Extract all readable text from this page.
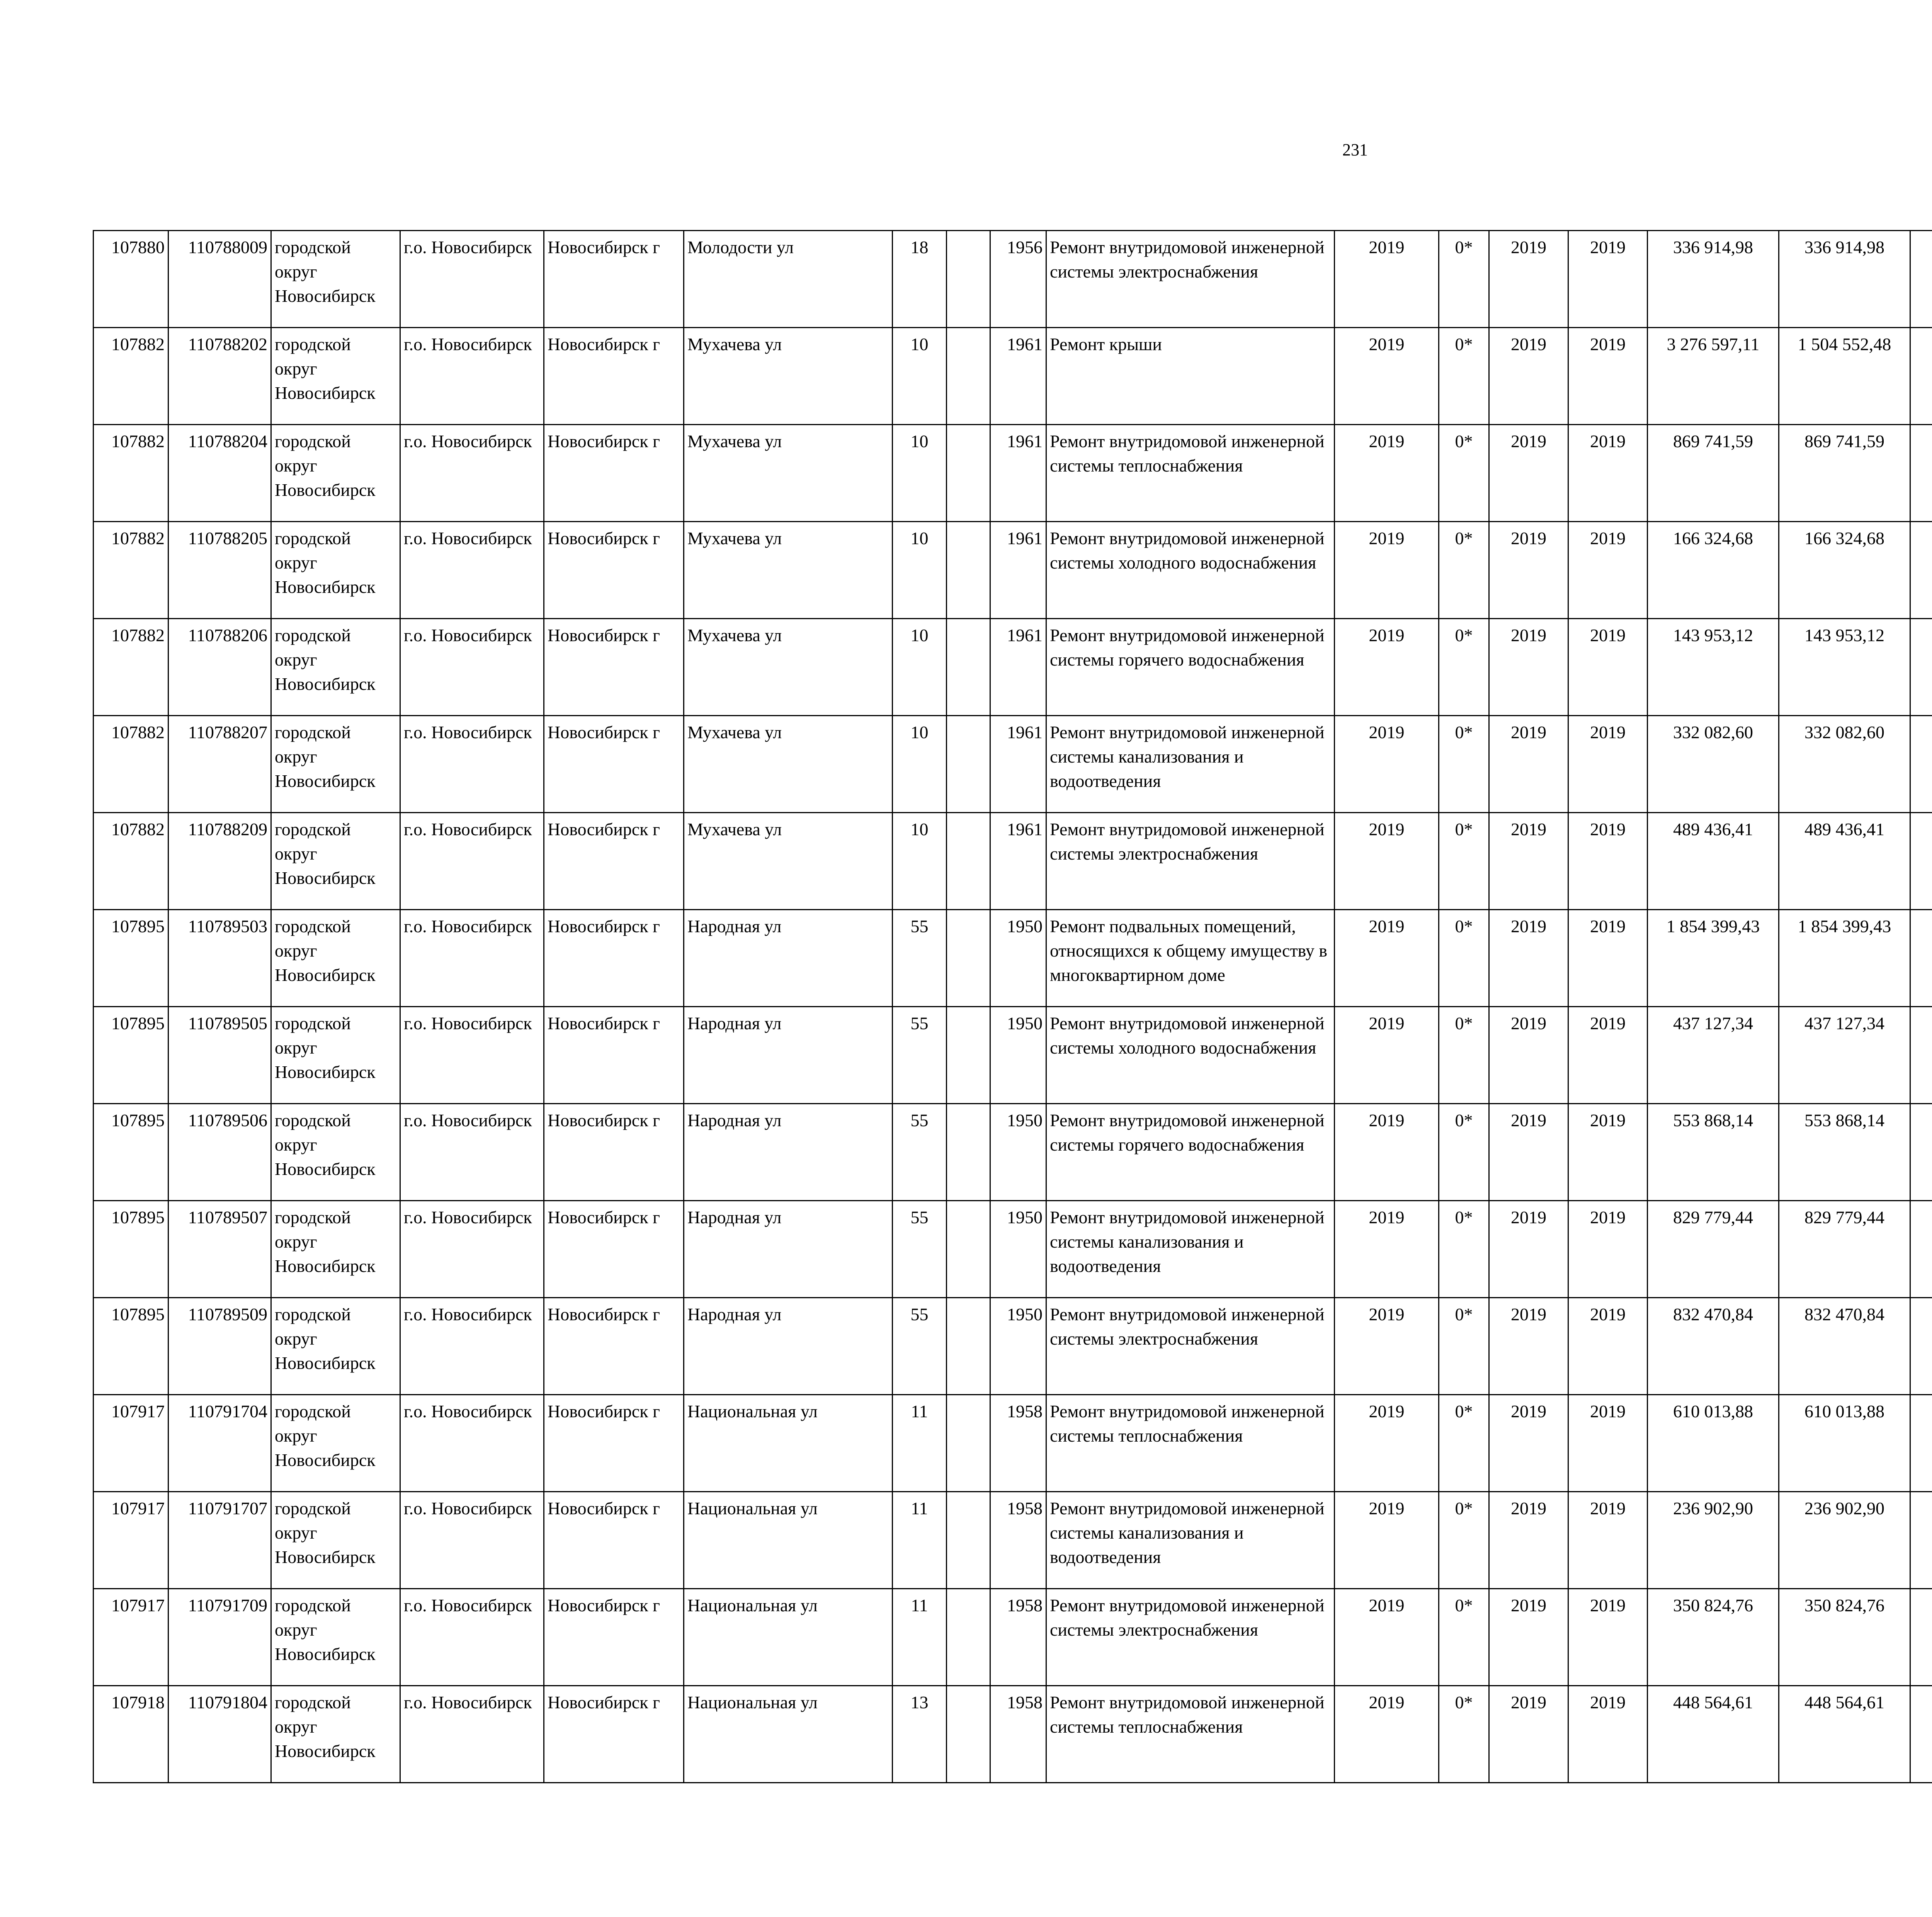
231
107880	110788009	городской округ Новосибирск	г.о. Новосибирск	Новосибирск г	Молодости ул	18		1956	Ремонт внутридомовой инженерной системы электроснабжения	2019	0*	2019	2019	336 914,98	336 914,98						
107882	110788202	городской округ Новосибирск	г.о. Новосибирск	Новосибирск г	Мухачева ул	10		1961	Ремонт крыши	2019	0*	2019	2019	3 276 597,11	1 504 552,48						
107882	110788204	городской округ Новосибирск	г.о. Новосибирск	Новосибирск г	Мухачева ул	10		1961	Ремонт внутридомовой инженерной системы теплоснабжения	2019	0*	2019	2019	869 741,59	869 741,59						
107882	110788205	городской округ Новосибирск	г.о. Новосибирск	Новосибирск г	Мухачева ул	10		1961	Ремонт внутридомовой инженерной системы холодного водоснабжения	2019	0*	2019	2019	166 324,68	166 324,68						
107882	110788206	городской округ Новосибирск	г.о. Новосибирск	Новосибирск г	Мухачева ул	10		1961	Ремонт внутридомовой инженерной системы горячего водоснабжения	2019	0*	2019	2019	143 953,12	143 953,12						
107882	110788207	городской округ Новосибирск	г.о. Новосибирск	Новосибирск г	Мухачева ул	10		1961	Ремонт внутридомовой инженерной системы канализования и водоотведения	2019	0*	2019	2019	332 082,60	332 082,60						
107882	110788209	городской округ Новосибирск	г.о. Новосибирск	Новосибирск г	Мухачева ул	10		1961	Ремонт внутридомовой инженерной системы электроснабжения	2019	0*	2019	2019	489 436,41	489 436,41						
107895	110789503	городской округ Новосибирск	г.о. Новосибирск	Новосибирск г	Народная ул	55		1950	Ремонт подвальных помещений, относящихся к общему имуществу в многоквартирном доме	2019	0*	2019	2019	1 854 399,43	1 854 399,43						
107895	110789505	городской округ Новосибирск	г.о. Новосибирск	Новосибирск г	Народная ул	55		1950	Ремонт внутридомовой инженерной системы холодного водоснабжения	2019	0*	2019	2019	437 127,34	437 127,34						
107895	110789506	городской округ Новосибирск	г.о. Новосибирск	Новосибирск г	Народная ул	55		1950	Ремонт внутридомовой инженерной системы горячего водоснабжения	2019	0*	2019	2019	553 868,14	553 868,14						
107895	110789507	городской округ Новосибирск	г.о. Новосибирск	Новосибирск г	Народная ул	55		1950	Ремонт внутридомовой инженерной системы канализования и водоотведения	2019	0*	2019	2019	829 779,44	829 779,44						
107895	110789509	городской округ Новосибирск	г.о. Новосибирск	Новосибирск г	Народная ул	55		1950	Ремонт внутридомовой инженерной системы электроснабжения	2019	0*	2019	2019	832 470,84	832 470,84						
107917	110791704	городской округ Новосибирск	г.о. Новосибирск	Новосибирск г	Национальная ул	11		1958	Ремонт внутридомовой инженерной системы теплоснабжения	2019	0*	2019	2019	610 013,88	610 013,88						
107917	110791707	городской округ Новосибирск	г.о. Новосибирск	Новосибирск г	Национальная ул	11		1958	Ремонт внутридомовой инженерной системы канализования и водоотведения	2019	0*	2019	2019	236 902,90	236 902,90						
107917	110791709	городской округ Новосибирск	г.о. Новосибирск	Новосибирск г	Национальная ул	11		1958	Ремонт внутридомовой инженерной системы электроснабжения	2019	0*	2019	2019	350 824,76	350 824,76						
107918	110791804	городской округ Новосибирск	г.о. Новосибирск	Новосибирск г	Национальная ул	13		1958	Ремонт внутридомовой инженерной системы теплоснабжения	2019	0*	2019	2019	448 564,61	448 564,61						
